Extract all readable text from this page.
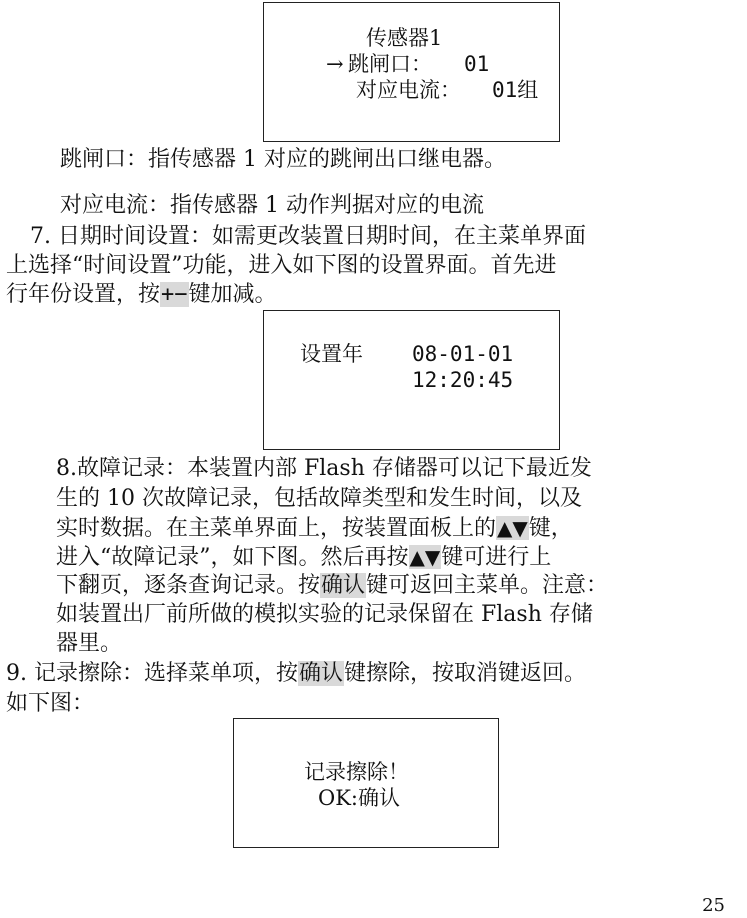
传感器1
→ 跳闸口： 01
对应电流： 01组
跳闸口：指传感器 1 对应的跳闸出口继电器。
对应电流：指传感器 1 动作判据对应的电流
7. 日期时间设置：如需更改装置日期时间，在主菜单界面
上选择“时间设置”功能，进入如下图的设置界面。首先进
行年份设置，按+−键加减。
设置年 08-01-01
12:20:45
8.故障记录：本装置内部 Flash 存储器可以记下最近发
生的 10 次故障记录，包括故障类型和发生时间，以及
实时数据。在主菜单界面上，按装置面板上的▲▼键，
进入“故障记录”，如下图。然后再按▲▼键可进行上
下翻页，逐条查询记录。按确认键可返回主菜单。注意：
如装置出厂前所做的模拟实验的记录保留在 Flash 存储
器里。
9. 记录擦除：选择菜单项，按确认键擦除，按取消键返回。
如下图：
记录擦除！
OK:确认
25
